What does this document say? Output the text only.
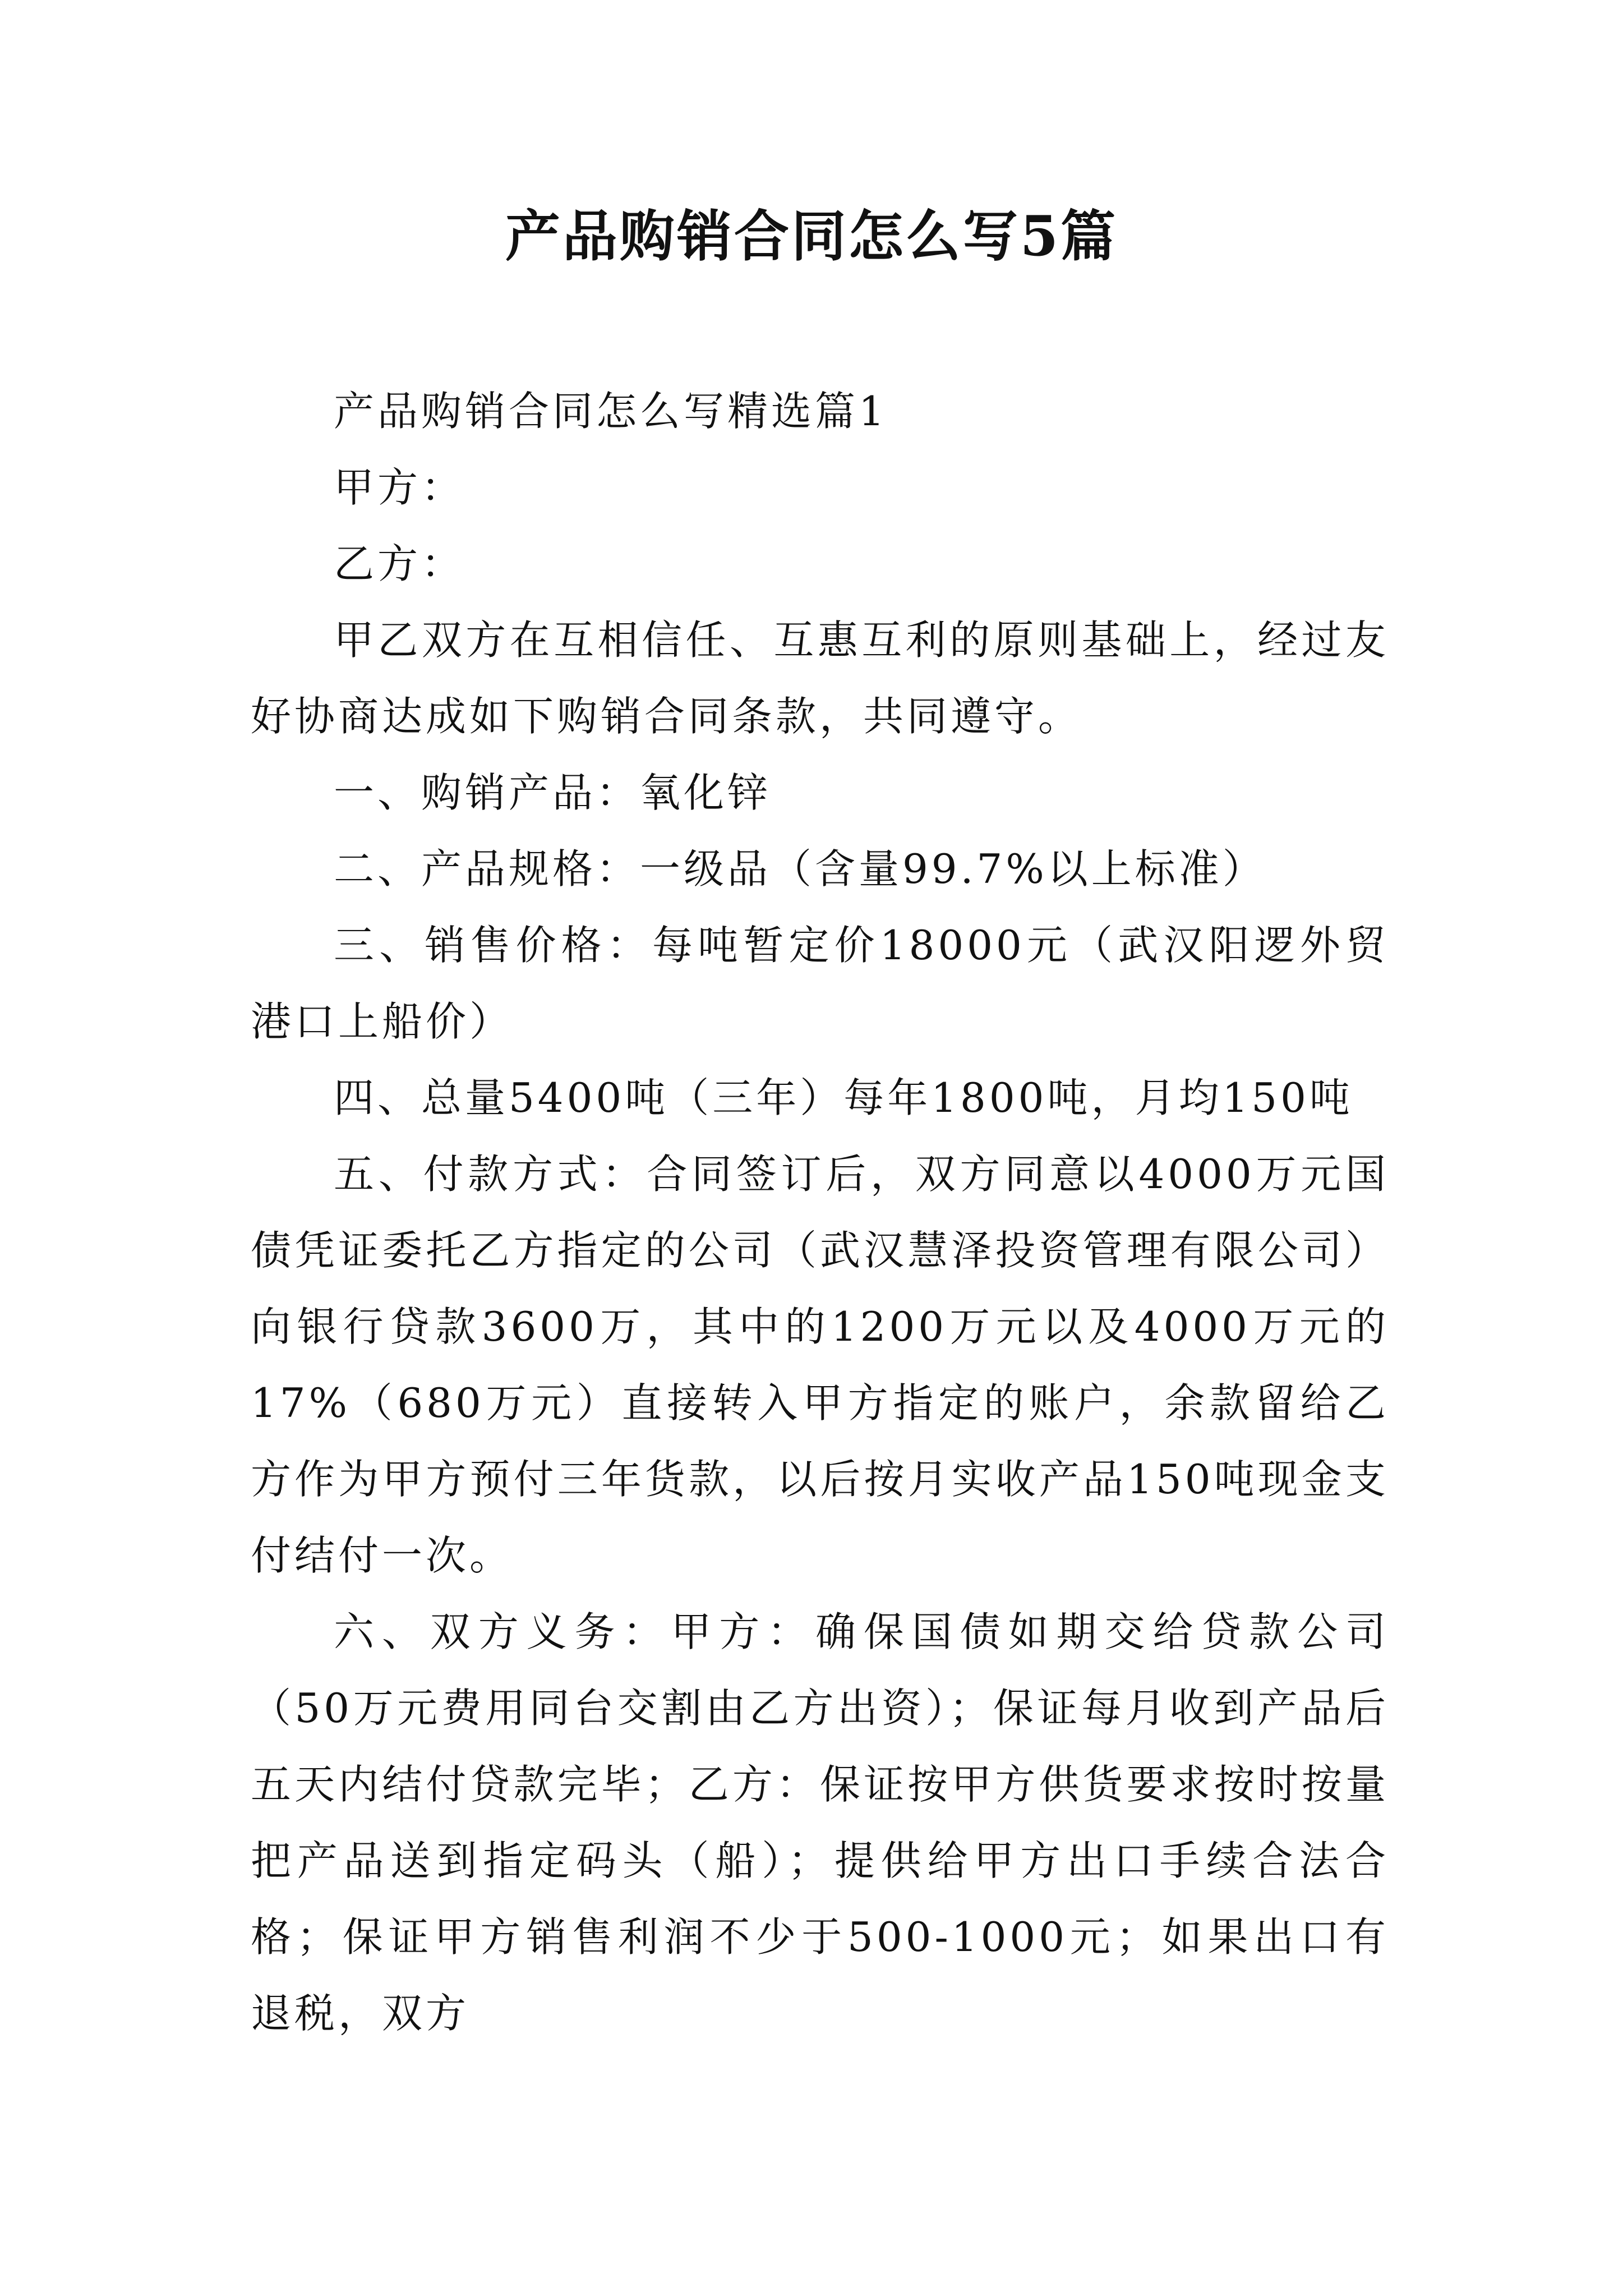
产品购销合同怎么写5篇

产品购销合同怎么写精选篇1

甲方：

乙方：

甲乙双方在互相信任、互惠互利的原则基础上，经过友好协商达成如下购销合同条款，共同遵守。

一、购销产品：氧化锌

二、产品规格：一级品（含量99.7%以上标准）

三、销售价格：每吨暂定价18000元（武汉阳逻外贸港口上船价）

四、总量5400吨（三年）每年1800吨，月均150吨

五、付款方式：合同签订后，双方同意以4000万元国债凭证委托乙方指定的公司（武汉慧泽投资管理有限公司）向银行贷款3600万，其中的1200万元以及4000万元的17%（680万元）直接转入甲方指定的账户，余款留给乙方作为甲方预付三年货款，以后按月实收产品150吨现金支付结付一次。

六、双方义务：甲方：确保国债如期交给贷款公司（50万元费用同台交割由乙方出资）；保证每月收到产品后五天内结付贷款完毕；乙方：保证按甲方供货要求按时按量把产品送到指定码头（船）；提供给甲方出口手续合法合格；保证甲方销售利润不少于500-1000元；如果出口有退税，双方
